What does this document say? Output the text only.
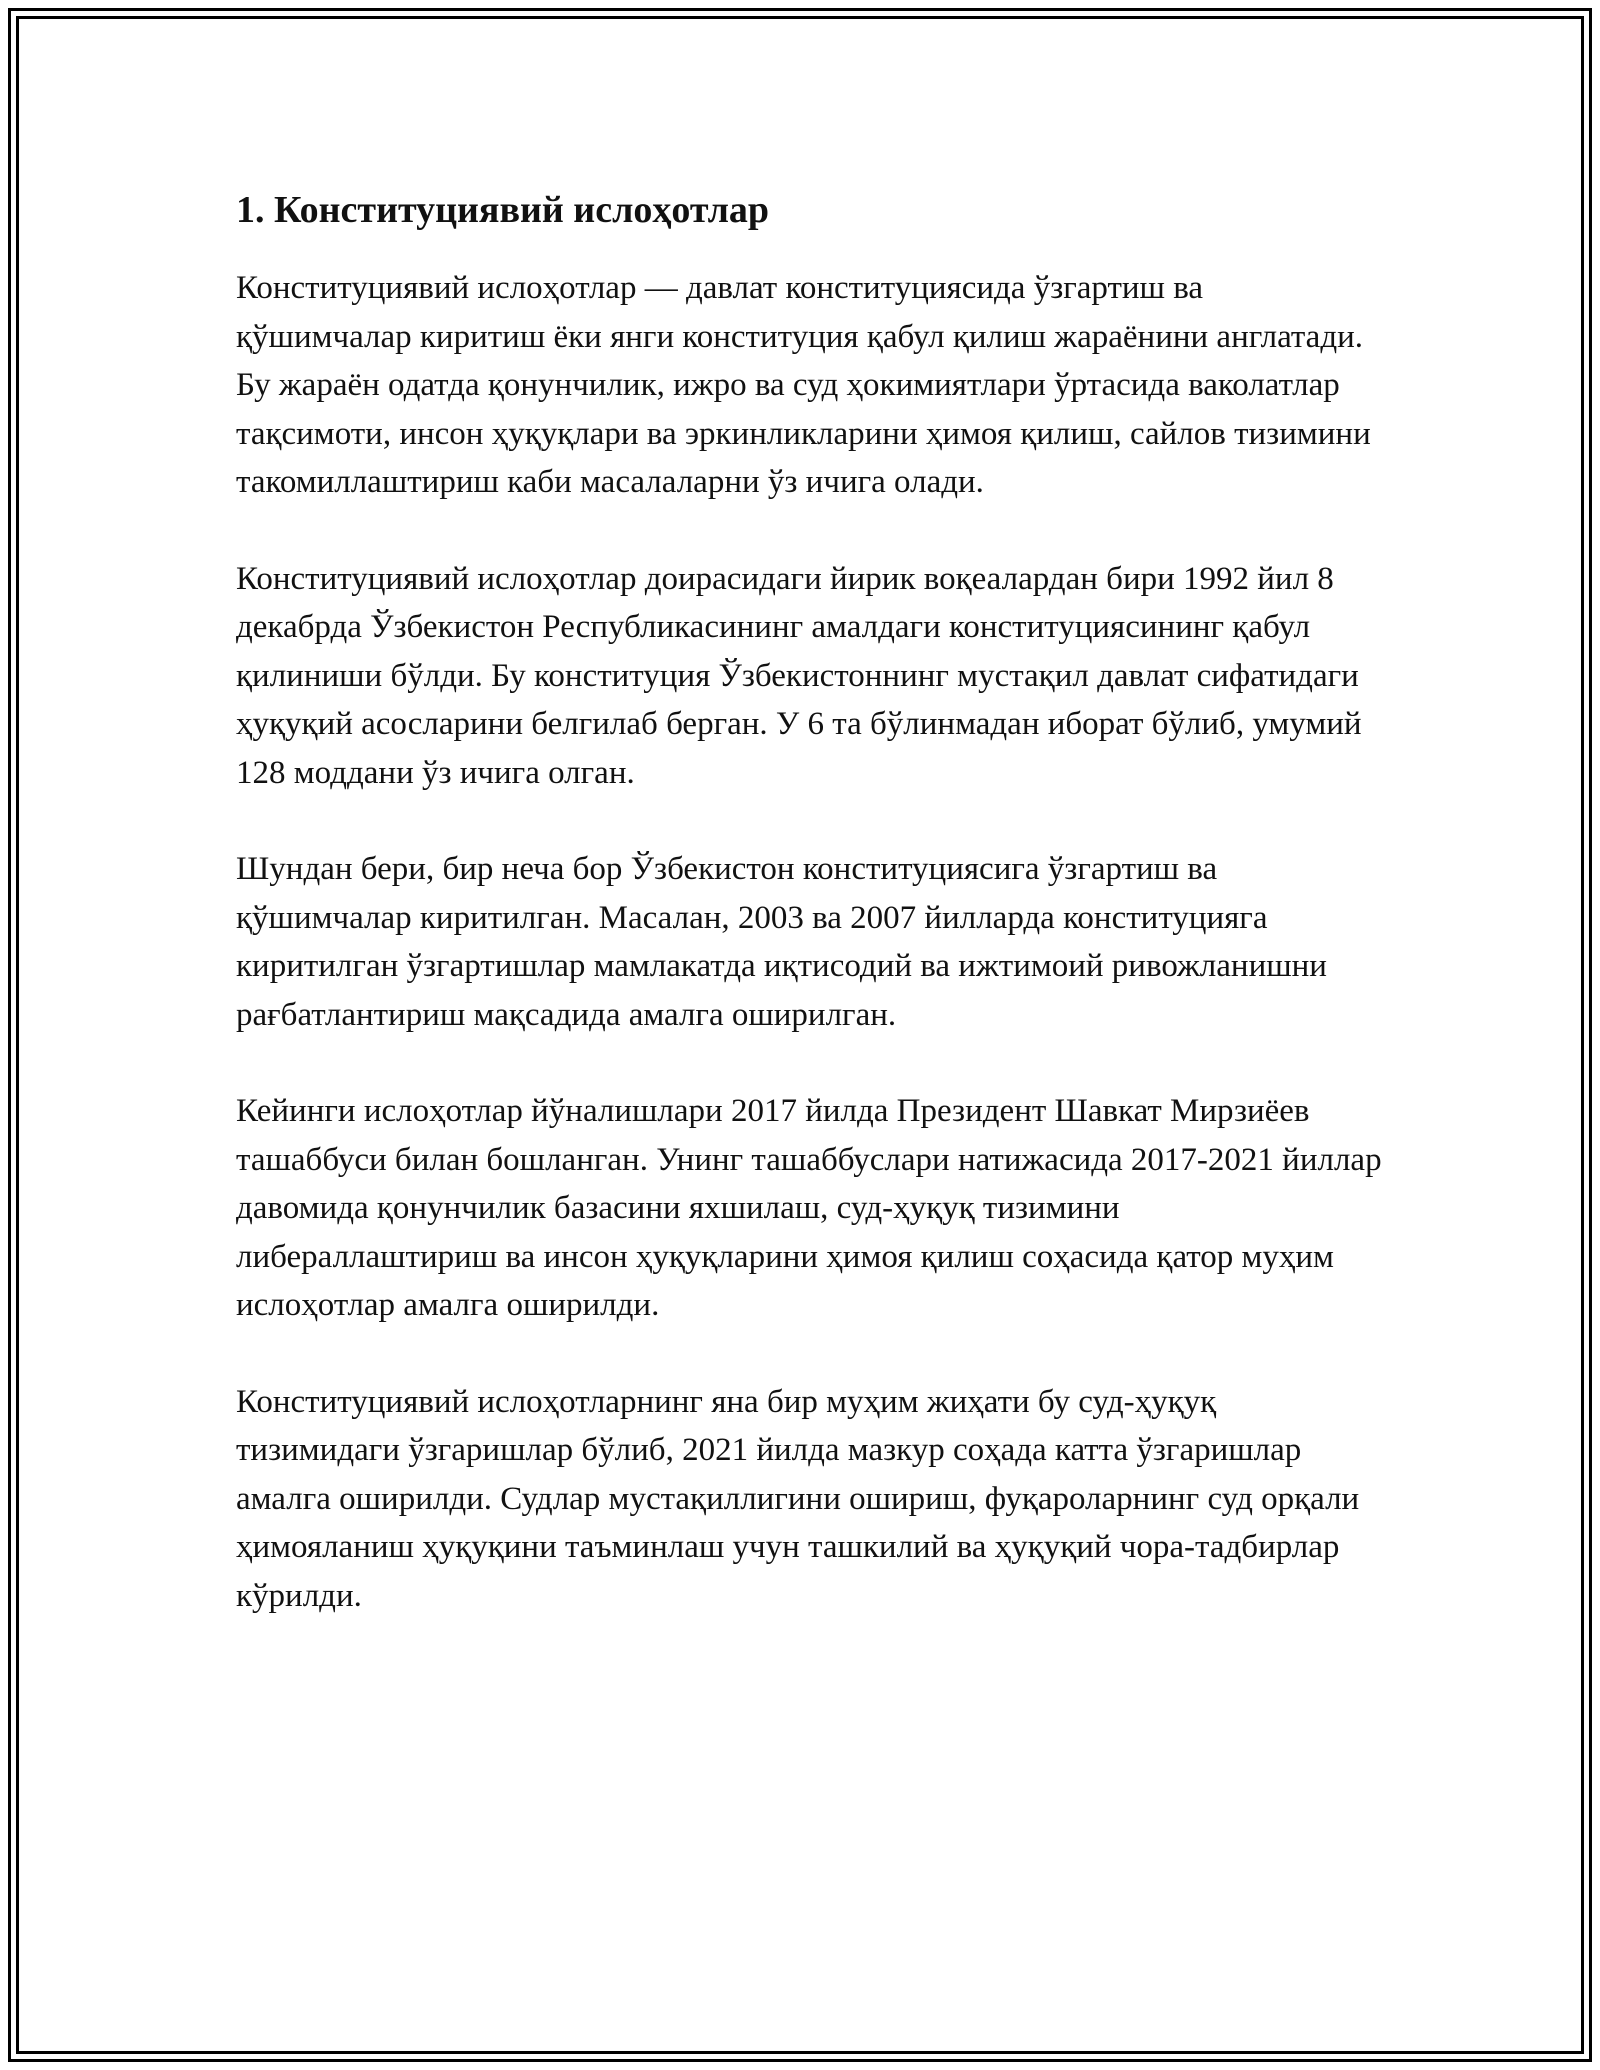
1. Конституциявий ислоҳотлар

Конституциявий ислоҳотлар — давлат конституциясида ўзгартиш ва қўшимчалар киритиш ёки янги конституция қабул қилиш жараёнини англатади. Бу жараён одатда қонунчилик, ижро ва суд ҳокимиятлари ўртасида ваколатлар тақсимоти, инсон ҳуқуқлари ва эркинликларини ҳимоя қилиш, сайлов тизимини такомиллаштириш каби масалаларни ўз ичига олади.

Конституциявий ислоҳотлар доирасидаги йирик воқеалардан бири 1992 йил 8 декабрда Ўзбекистон Республикасининг амалдаги конституциясининг қабул қилиниши бўлди. Бу конституция Ўзбекистоннинг мустақил давлат сифатидаги ҳуқуқий асосларини белгилаб берган. У 6 та бўлинмадан иборат бўлиб, умумий 128 моддани ўз ичига олган.

Шундан бери, бир неча бор Ўзбекистон конституциясига ўзгартиш ва қўшимчалар киритилган. Масалан, 2003 ва 2007 йилларда конституцияга киритилган ўзгартишлар мамлакатда иқтисодий ва ижтимоий ривожланишни рағбатлантириш мақсадида амалга оширилган.

Кейинги ислоҳотлар йўналишлари 2017 йилда Президент Шавкат Мирзиёев ташаббуси билан бошланган. Унинг ташаббуслари натижасида 2017-2021 йиллар давомида қонунчилик базасини яхшилаш, суд-ҳуқуқ тизимини либераллаштириш ва инсон ҳуқуқларини ҳимоя қилиш соҳасида қатор муҳим ислоҳотлар амалга оширилди.

Конституциявий ислоҳотларнинг яна бир муҳим жиҳати бу суд-ҳуқуқ тизимидаги ўзгаришлар бўлиб, 2021 йилда мазкур соҳада катта ўзгаришлар амалга оширилди. Судлар мустақиллигини ошириш, фуқароларнинг суд орқали ҳимояланиш ҳуқуқини таъминлаш учун ташкилий ва ҳуқуқий чора-тадбирлар кўрилди.
